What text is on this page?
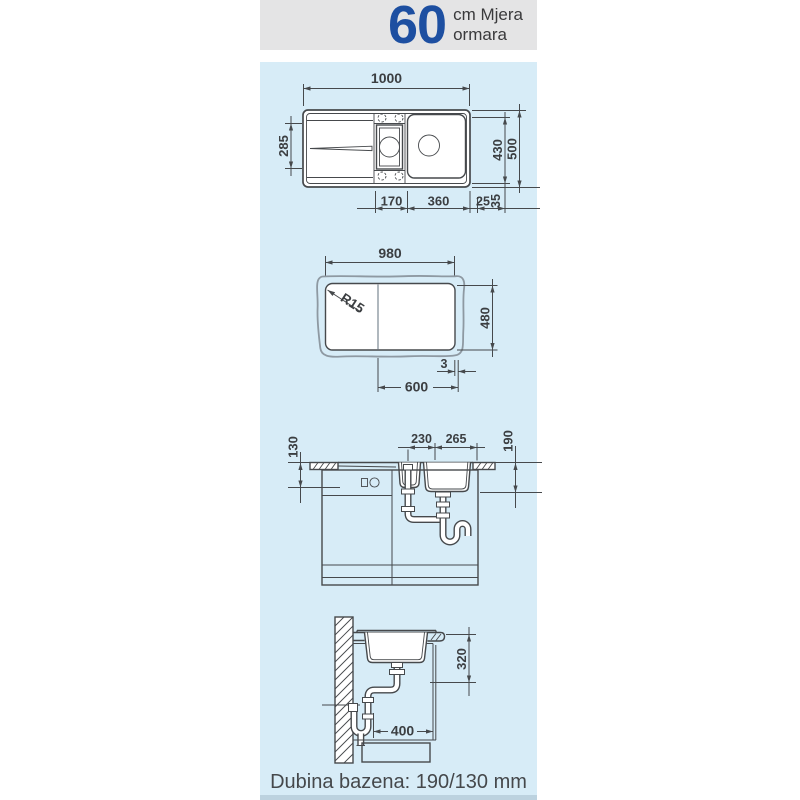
60 cm Mjera
ormara
1000
285	430 500
170 360 25 35
980
R15
480
3
600
230 265
130	190
320
400
Dubina bazena: 190/130 mm
